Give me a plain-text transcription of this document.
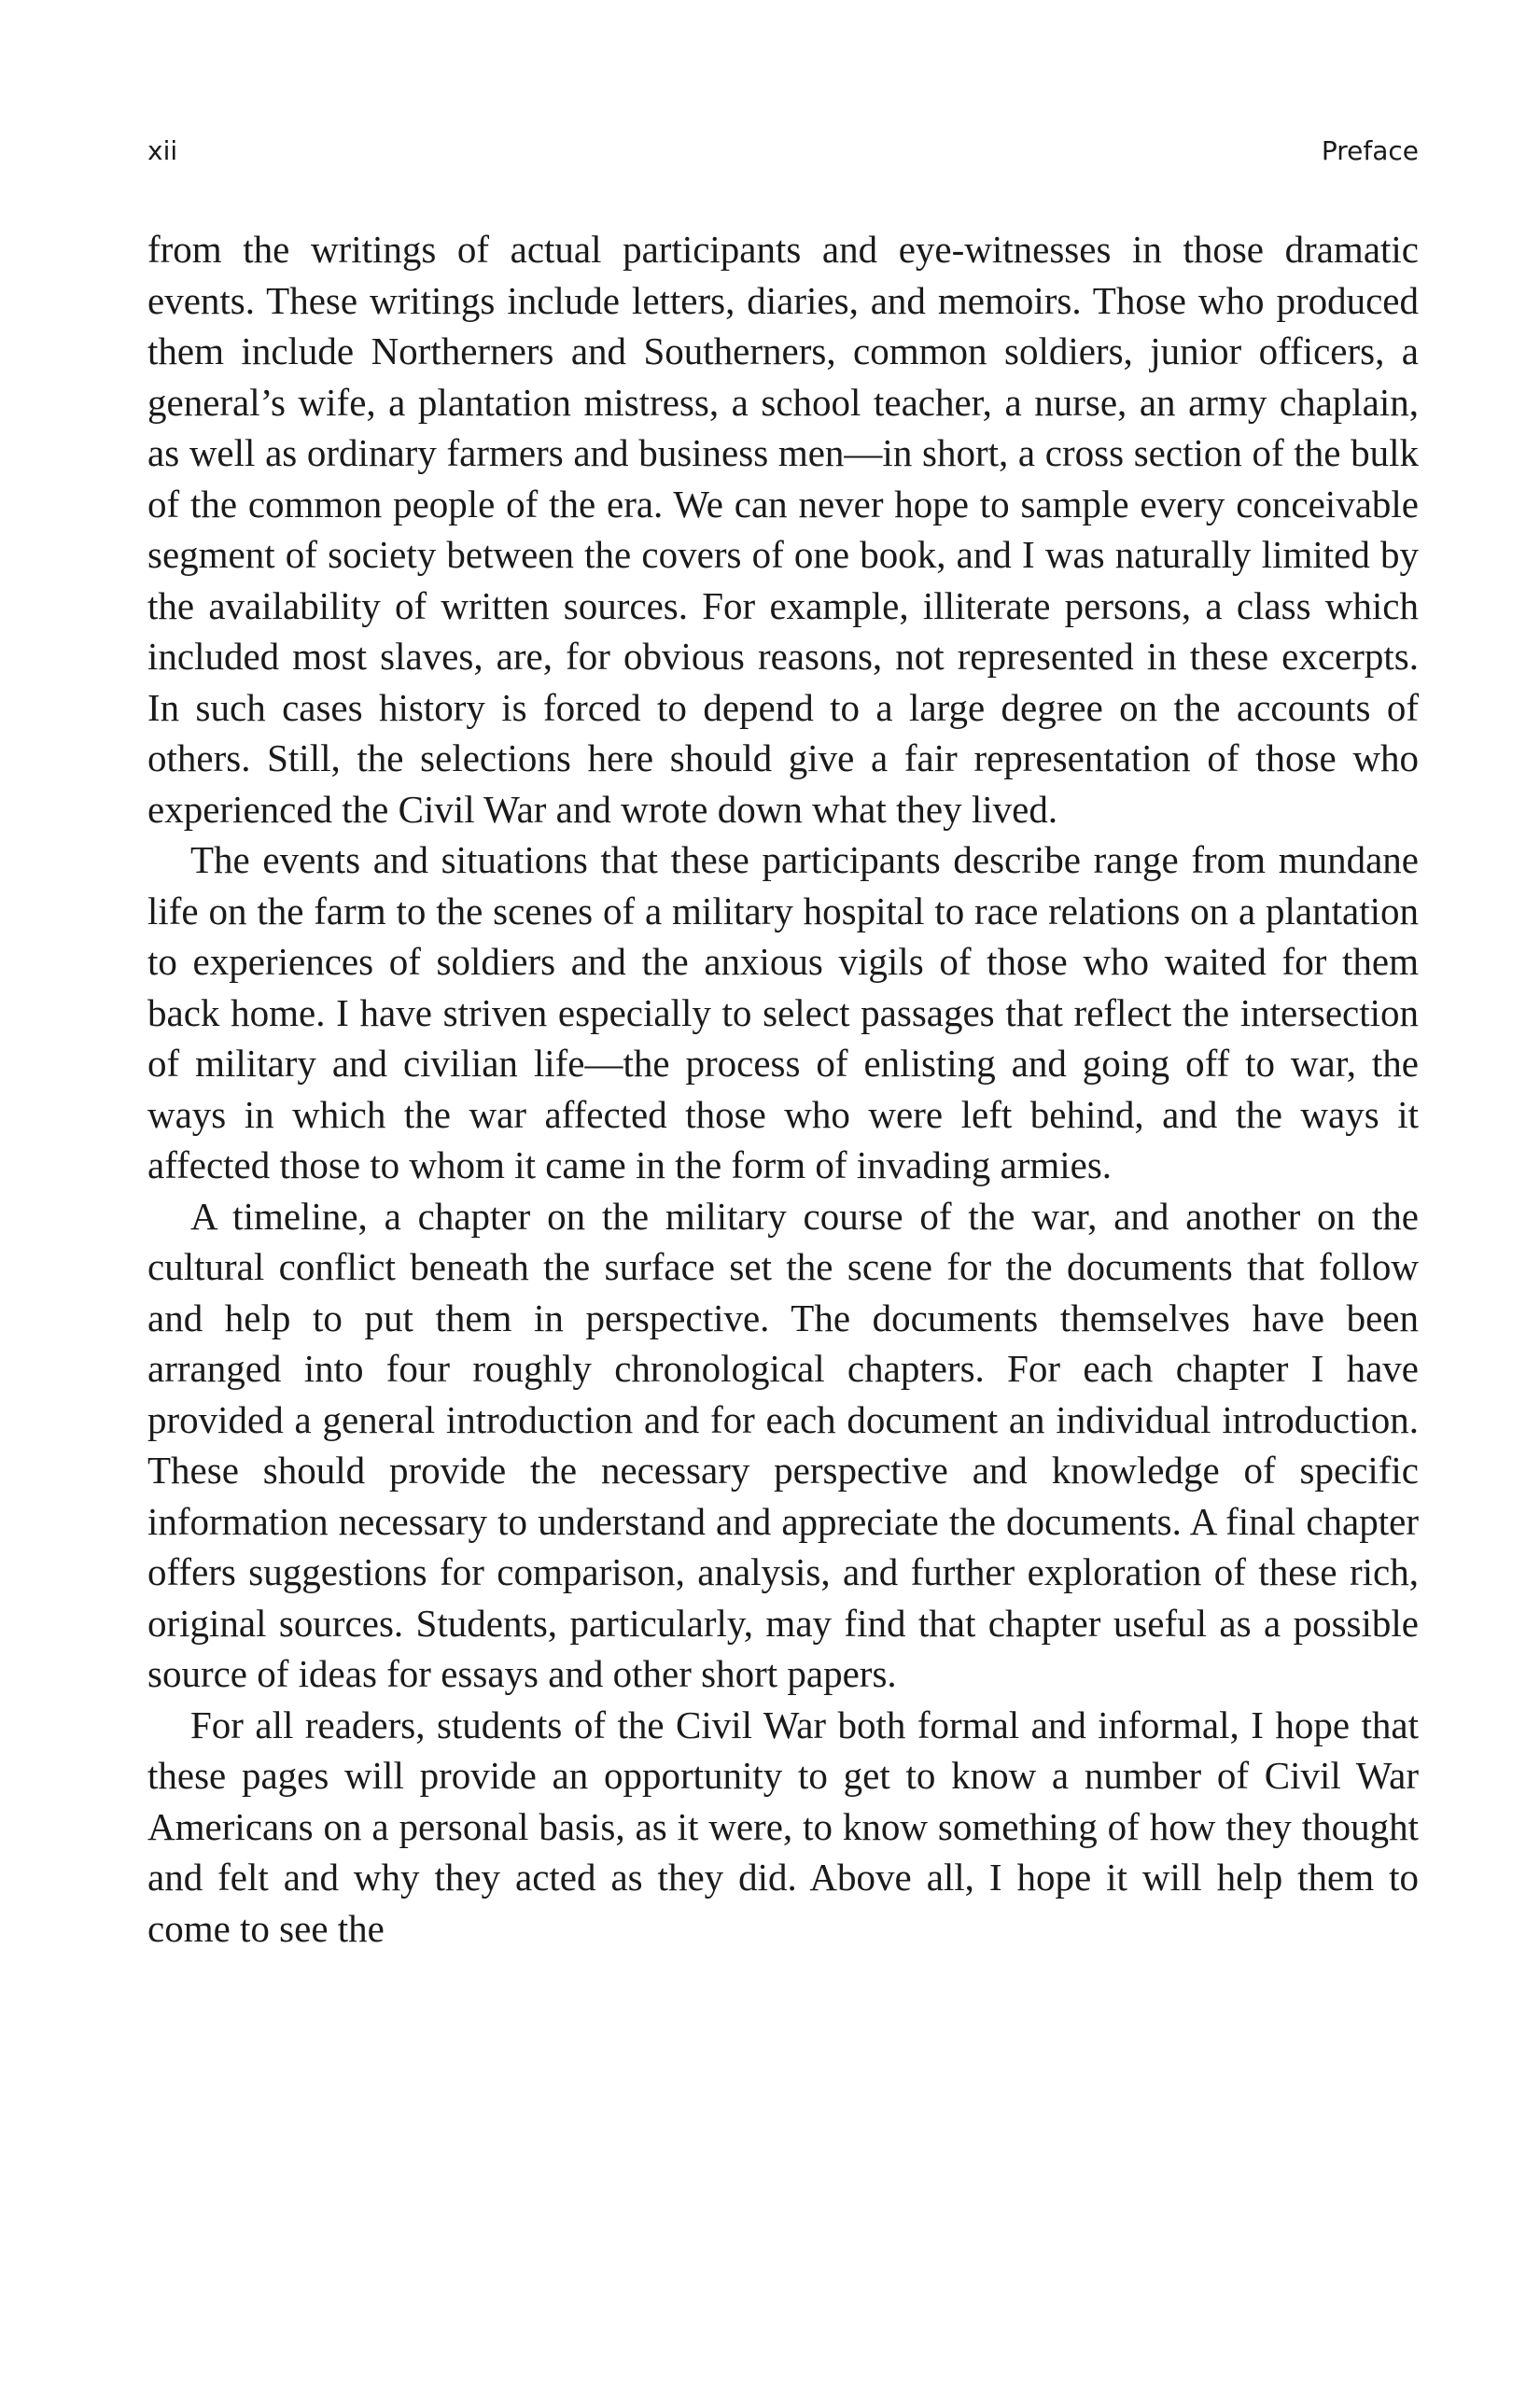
xii	Preface

from the writings of actual participants and eye-witnesses in those dramatic events. These writings include letters, diaries, and memoirs. Those who produced them include Northerners and Southerners, common soldiers, junior officers, a general’s wife, a plantation mistress, a school teacher, a nurse, an army chaplain, as well as ordinary farmers and business men—in short, a cross section of the bulk of the common people of the era. We can never hope to sample every conceivable segment of society between the covers of one book, and I was naturally limited by the availability of written sources. For example, illiterate persons, a class which included most slaves, are, for obvious reasons, not represented in these excerpts. In such cases history is forced to depend to a large degree on the accounts of others. Still, the selections here should give a fair representation of those who experienced the Civil War and wrote down what they lived.

The events and situations that these participants describe range from mundane life on the farm to the scenes of a military hospital to race relations on a plantation to experiences of soldiers and the anxious vigils of those who waited for them back home. I have striven especially to select passages that reflect the intersection of military and civilian life—the process of enlisting and going off to war, the ways in which the war affected those who were left behind, and the ways it affected those to whom it came in the form of invading armies.

A timeline, a chapter on the military course of the war, and another on the cultural conflict beneath the surface set the scene for the documents that follow and help to put them in perspective. The documents themselves have been arranged into four roughly chronological chapters. For each chapter I have provided a general introduction and for each document an individual introduction. These should provide the necessary perspective and knowledge of specific information necessary to understand and appreciate the documents. A final chapter offers suggestions for comparison, analysis, and further exploration of these rich, original sources. Students, particularly, may find that chapter useful as a possible source of ideas for essays and other short papers.

For all readers, students of the Civil War both formal and informal, I hope that these pages will provide an opportunity to get to know a number of Civil War Americans on a personal basis, as it were, to know something of how they thought and felt and why they acted as they did. Above all, I hope it will help them to come to see the
